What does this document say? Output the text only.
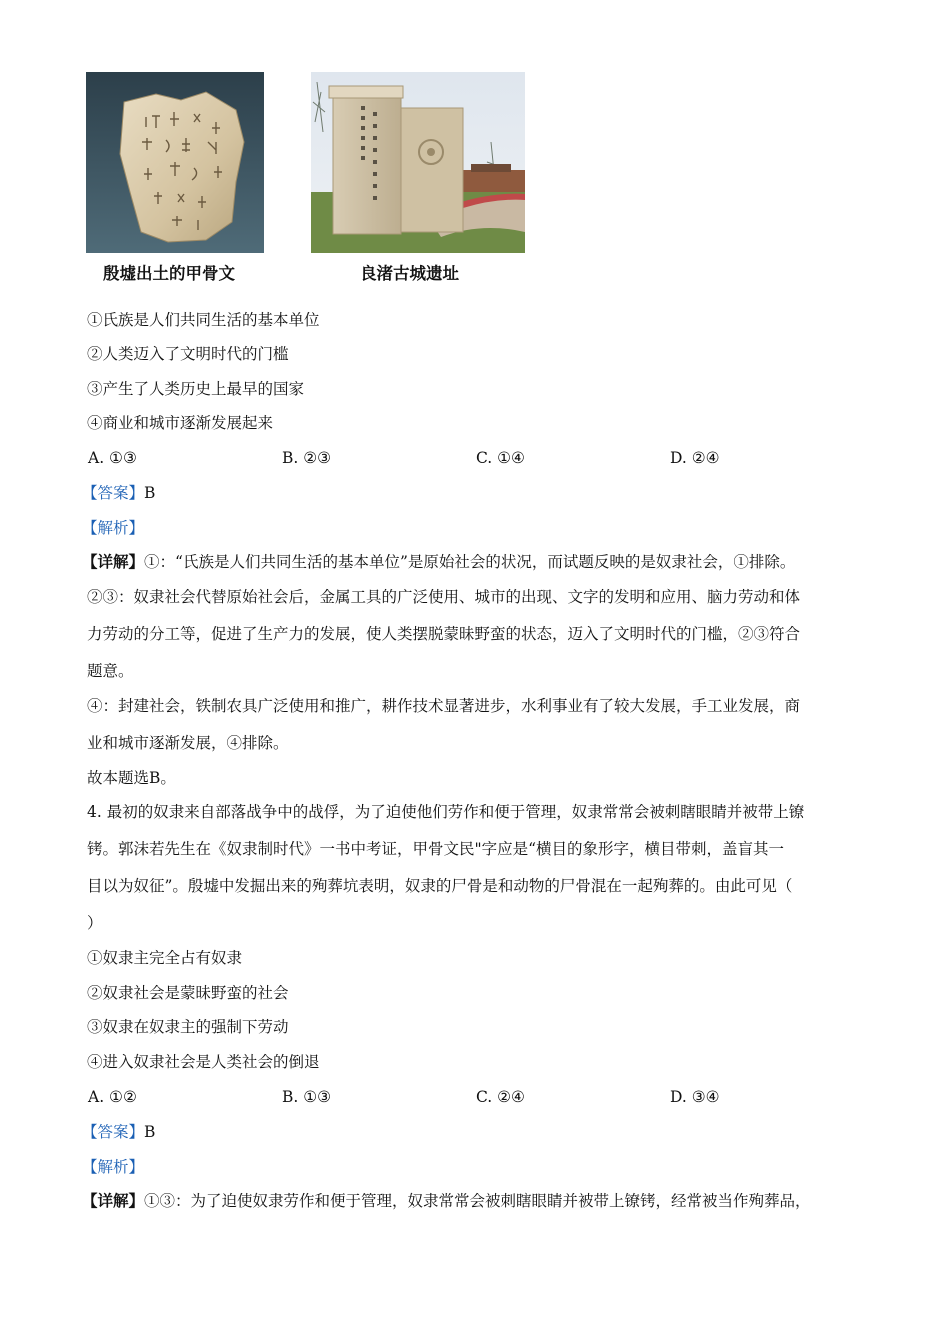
殷墟出土的甲骨文	良渚古城遗址
①氏族是人们共同生活的基本单位
②人类迈入了文明时代的门槛
③产生了人类历史上最早的国家
④商业和城市逐渐发展起来
A. ①③	B. ②③	C. ①④	D. ②④
【答案】B
【解析】
【详解】①：“氏族是人们共同生活的基本单位”是原始社会的状况，而试题反映的是奴隶社会，①排除。
②③：奴隶社会代替原始社会后，金属工具的广泛使用、城市的出现、文字的发明和应用、脑力劳动和体
力劳动的分工等，促进了生产力的发展，使人类摆脱蒙昧野蛮的状态，迈入了文明时代的门槛，②③符合
题意。
④：封建社会，铁制农具广泛使用和推广，耕作技术显著进步，水利事业有了较大发展，手工业发展，商
业和城市逐渐发展，④排除。
故本题选B。
4. 最初的奴隶来自部落战争中的战俘，为了迫使他们劳作和便于管理，奴隶常常会被刺瞎眼睛并被带上镣
铐。郭沫若先生在《奴隶制时代》一书中考证，甲骨文民"字应是“横目的象形字，横目带刺，盖盲其一
目以为奴征”。殷墟中发掘出来的殉葬坑表明，奴隶的尸骨是和动物的尸骨混在一起殉葬的。由此可见（
）
①奴隶主完全占有奴隶
②奴隶社会是蒙昧野蛮的社会
③奴隶在奴隶主的强制下劳动
④进入奴隶社会是人类社会的倒退
A. ①②	B. ①③	C. ②④	D. ③④
【答案】B
【解析】
【详解】①③：为了迫使奴隶劳作和便于管理，奴隶常常会被刺瞎眼睛并被带上镣铐，经常被当作殉葬品，
